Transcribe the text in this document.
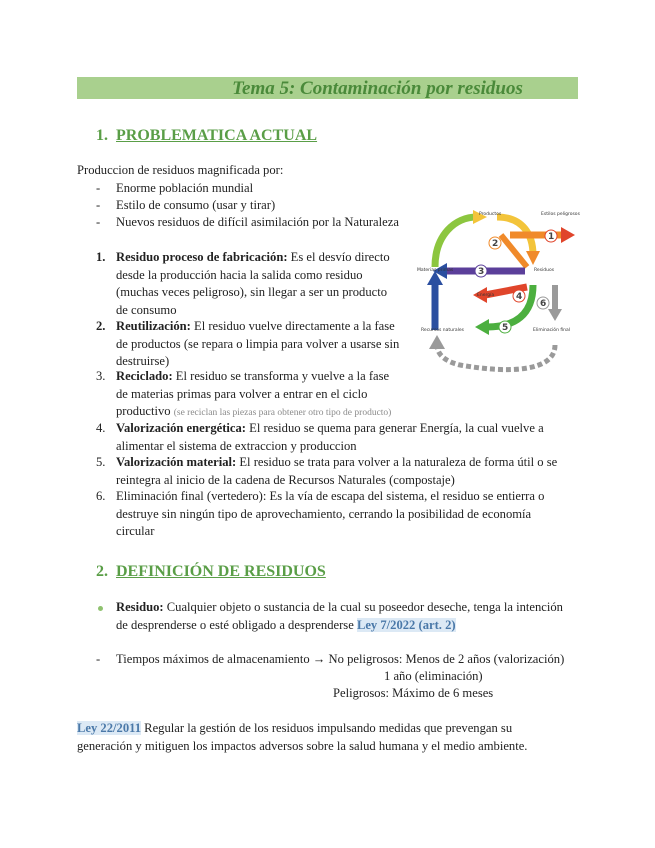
Tema 5: Contaminación por residuos
1. PROBLEMATICA ACTUAL
Produccion de residuos magnificada por:
- Enorme población mundial
- Estilo de consumo (usar y tirar)
- Nuevos residuos de difícil asimilación por la Naturaleza
1. Residuo proceso de fabricación: Es el desvío directo
desde la producción hacia la salida como residuo
(muchas veces peligroso), sin llegar a ser un producto
de consumo
2. Reutilización: El residuo vuelve directamente a la fase
de productos (se repara o limpia para volver a usarse sin
destruirse)
3. Reciclado: El residuo se transforma y vuelve a la fase
de materias primas para volver a entrar en el ciclo
productivo (se reciclan las piezas para obtener otro tipo de producto)
4. Valorización energética: El residuo se quema para generar Energía, la cual vuelve a
alimentar el sistema de extraccion y produccion
5. Valorización material: El residuo se trata para volver a la naturaleza de forma útil o se
reintegra al inicio de la cadena de Recursos Naturales (compostaje)
6. Eliminación final (vertedero): Es la vía de escapa del sistema, el residuo se entierra o
destruye sin ningún tipo de aprovechamiento, cerrando la posibilidad de economía
circular
1
2
3
4
5
6
Productos	Estilos peligrosos
Materias primas	Residuos
Energía
Recursos naturales	Eliminación final
2. DEFINICIÓN DE RESIDUOS
Residuo: Cualquier objeto o sustancia de la cual su poseedor deseche, tenga la intención
de desprenderse o esté obligado a desprenderse Ley 7/2022 (art. 2)
- Tiempos máximos de almacenamiento → No peligrosos: Menos de 2 años (valorización)
1 año (eliminación)
Peligrosos: Máximo de 6 meses
Ley 22/2011 Regular la gestión de los residuos impulsando medidas que prevengan su
generación y mitiguen los impactos adversos sobre la salud humana y el medio ambiente.
